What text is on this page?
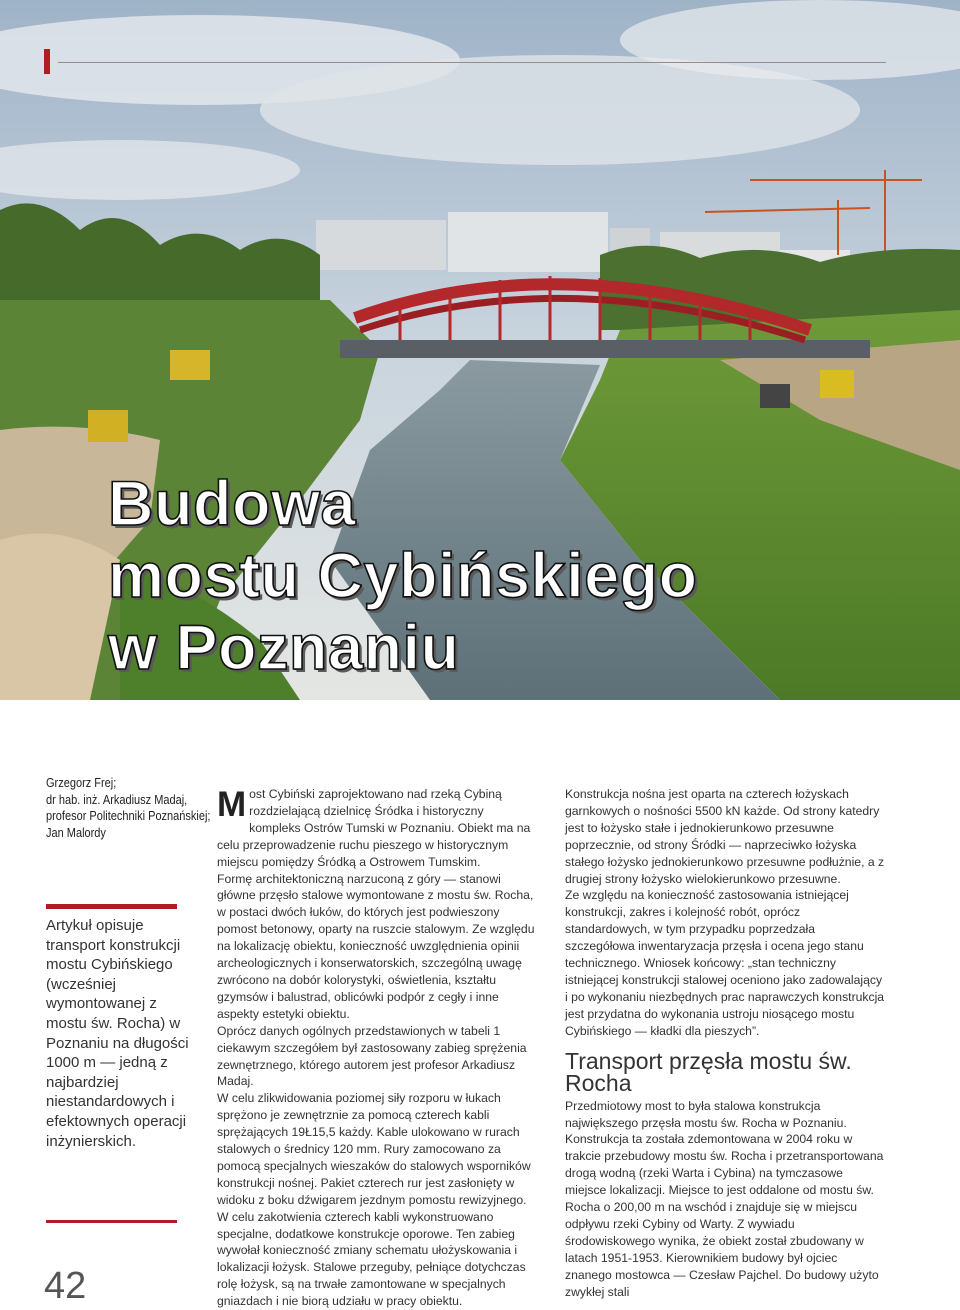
Budowa
mostu Cybińskiego
w Poznaniu
Grzegorz Frej;
dr hab. inż. Arkadiusz Madaj,
profesor Politechniki Poznańskiej;
Jan Malordy
Artykuł opisuje transport konstrukcji mostu Cybińskiego (wcześniej wymontowanej z mostu św. Rocha) w Poznaniu na długości 1000 m — jedną z najbardziej niestandardowych i efektownych operacji inżynierskich.
42

Most Cybiński zaprojektowano nad rzeką Cybiną rozdzielającą dzielnicę Śródka i historyczny kompleks Ostrów Tumski w Poznaniu. Obiekt ma na celu przeprowadzenie ruchu pieszego w historycznym miejscu pomiędzy Śródką a Ostrowem Tumskim.

Formę architektoniczną narzuconą z góry — stanowi główne przęsło stalowe wymontowane z mostu św. Rocha, w postaci dwóch łuków, do których jest podwieszony pomost betonowy, oparty na ruszcie stalowym. Ze względu na lokalizację obiektu, konieczność uwzględnienia opinii archeologicznych i konserwatorskich, szczególną uwagę zwrócono na dobór kolorystyki, oświetlenia, kształtu gzymsów i balustrad, oblicówki podpór z cegły i inne aspekty estetyki obiektu.

Oprócz danych ogólnych przedstawionych w tabeli 1 ciekawym szczegółem był zastosowany zabieg sprężenia zewnętrznego, którego autorem jest profesor Arkadiusz Madaj.

W celu zlikwidowania poziomej siły rozporu w łukach sprężono je zewnętrznie za pomocą czterech kabli sprężających 19Ł15,5 każdy. Kable ulokowano w rurach stalowych o średnicy 120 mm. Rury zamocowano za pomocą specjalnych wieszaków do stalowych wsporników konstrukcji nośnej. Pakiet czterech rur jest zasłonięty w widoku z boku dźwigarem jezdnym pomostu rewizyjnego. W celu zakotwienia czterech kabli wykonstruowano specjalne, dodatkowe konstrukcje oporowe. Ten zabieg wywołał konieczność zmiany schematu ułożyskowania i lokalizacji łożysk. Stalowe przeguby, pełniące dotychczas rolę łożysk, są na trwałe zamontowane w specjalnych gniazdach i nie biorą udziału w pracy obiektu.

Konstrukcja nośna jest oparta na czterech łożyskach garnkowych o nośności 5500 kN każde. Od strony katedry jest to łożysko stałe i jednokierunkowo przesuwne poprzecznie, od strony Śródki — naprzeciwko łożyska stałego łożysko jednokierunkowo przesuwne podłużnie, a z drugiej strony łożysko wielokierunkowo przesuwne.

Ze względu na konieczność zastosowania istniejącej konstrukcji, zakres i kolejność robót, oprócz standardowych, w tym przypadku poprzedzała szczegółowa inwentaryzacja przęsła i ocena jego stanu technicznego. Wniosek końcowy: „stan techniczny istniejącej konstrukcji stalowej oceniono jako zadowalający i po wykonaniu niezbędnych prac naprawczych konstrukcja jest przydatna do wykonania ustroju niosącego mostu Cybińskiego — kładki dla pieszych”.

Transport przęsła mostu św. Rocha

Przedmiotowy most to była stalowa konstrukcja największego przęsła mostu św. Rocha w Poznaniu. Konstrukcja ta została zdemontowana w 2004 roku w trakcie przebudowy mostu św. Rocha i przetransportowana drogą wodną (rzeki Warta i Cybina) na tymczasowe miejsce lokalizacji. Miejsce to jest oddalone od mostu św. Rocha o 200,00 m na wschód i znajduje się w miejscu odpływu rzeki Cybiny od Warty. Z wywiadu środowiskowego wynika, że obiekt został zbudowany w latach 1951-1953. Kierownikiem budowy był ojciec znanego mostowca — Czesław Pajchel. Do budowy użyto zwykłej stali
